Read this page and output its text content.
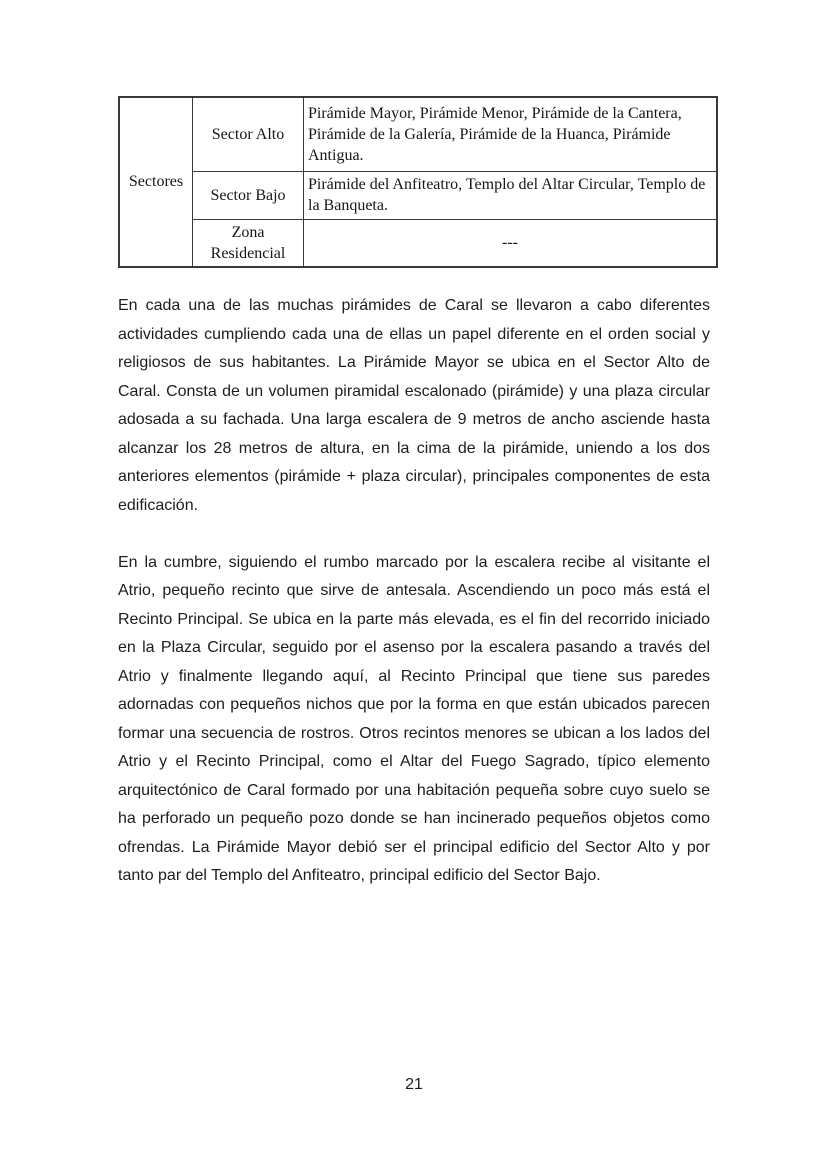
Sectores	Sector Alto	Pirámide Mayor, Pirámide Menor, Pirámide de la Cantera, Pirámide de la Galería, Pirámide de la Huanca, Pirámide Antigua.
	Sector Bajo	Pirámide del Anfiteatro, Templo del Altar Circular, Templo de la Banqueta.
	Zona Residencial	---

En cada una de las muchas pirámides de Caral se llevaron a cabo diferentes actividades cumpliendo cada una de ellas un papel diferente en el orden social y religiosos de sus habitantes. La Pirámide Mayor se ubica en el Sector Alto de Caral. Consta de un volumen piramidal escalonado (pirámide) y una plaza circular adosada a su fachada. Una larga escalera de 9 metros de ancho asciende hasta alcanzar los 28 metros de altura, en la cima de la pirámide, uniendo a los dos anteriores elementos (pirámide + plaza circular), principales componentes de esta edificación.

En la cumbre, siguiendo el rumbo marcado por la escalera recibe al visitante el Atrio, pequeño recinto que sirve de antesala. Ascendiendo un poco más está el Recinto Principal. Se ubica en la parte más elevada, es el fin del recorrido iniciado en la Plaza Circular, seguido por el asenso por la escalera pasando a través del Atrio y finalmente llegando aquí, al Recinto Principal que tiene sus paredes adornadas con pequeños nichos que por la forma en que están ubicados parecen formar una secuencia de rostros. Otros recintos menores se ubican a los lados del Atrio y el Recinto Principal, como el Altar del Fuego Sagrado, típico elemento arquitectónico de Caral formado por una habitación pequeña sobre cuyo suelo se ha perforado un pequeño pozo donde se han incinerado pequeños objetos como ofrendas. La Pirámide Mayor debió ser el principal edificio del Sector Alto y por tanto par del Templo del Anfiteatro, principal edificio del Sector Bajo.

21
